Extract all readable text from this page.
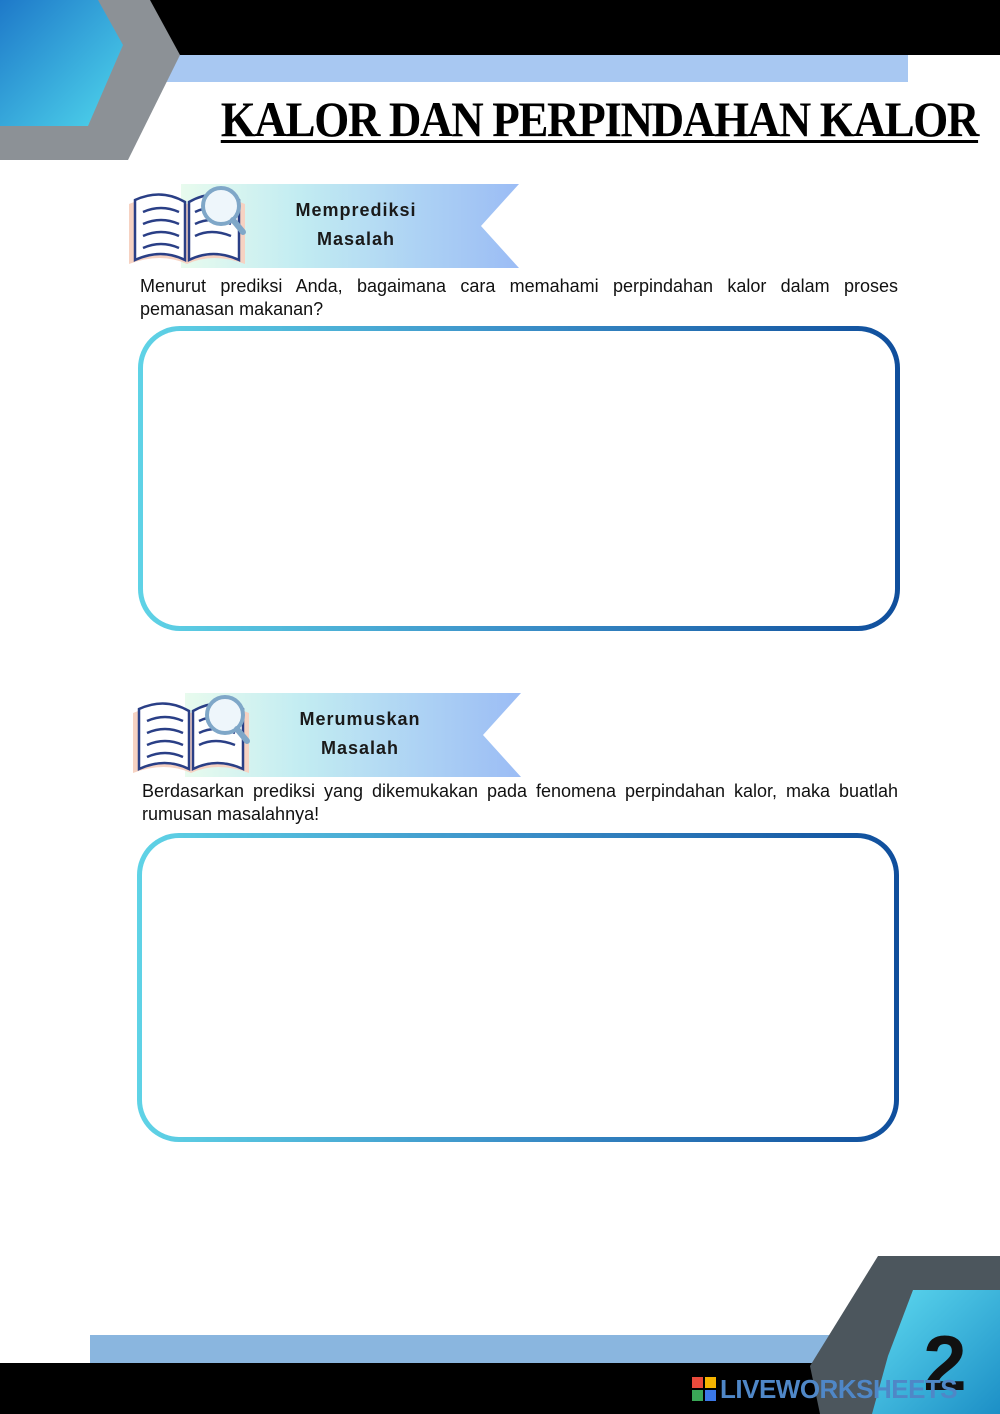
KALOR DAN PERPINDAHAN KALOR
Memprediksi
Masalah
Menurut prediksi Anda, bagaimana cara memahami perpindahan kalor dalam proses pemanasan makanan?
Merumuskan
Masalah
Berdasarkan prediksi yang dikemukakan pada fenomena perpindahan kalor, maka buatlah rumusan masalahnya!
2
LIVEWORKSHEETS
